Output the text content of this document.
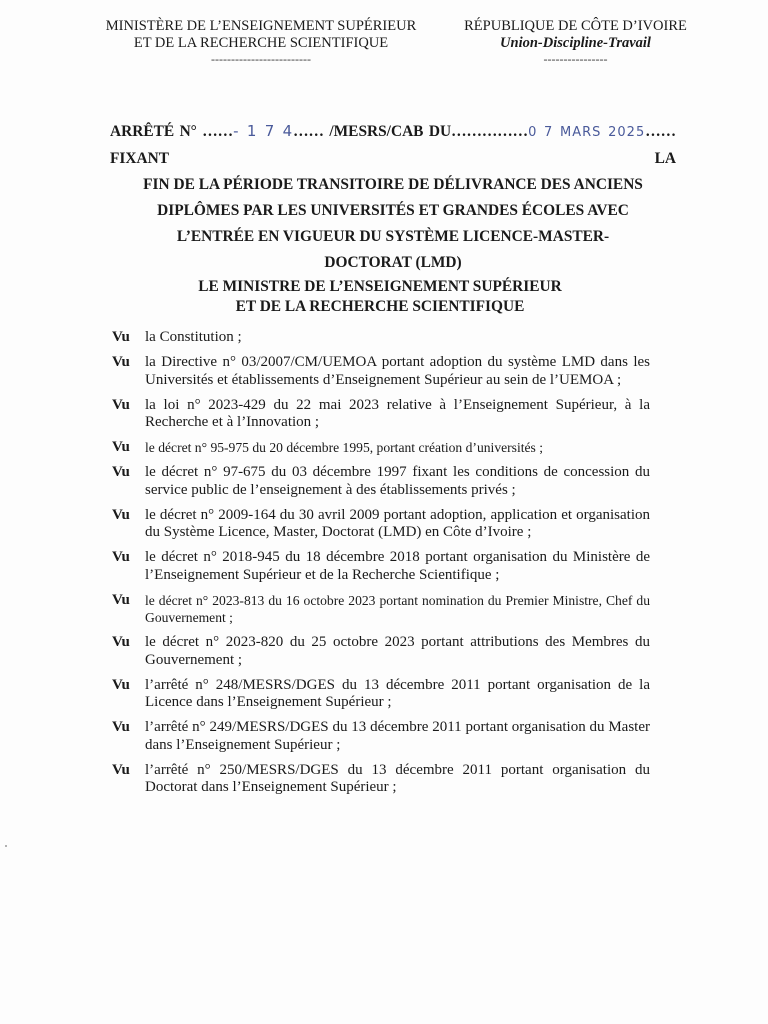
MINISTÈRE DE L’ENSEIGNEMENT SUPÉRIEUR
ET DE LA RECHERCHE SCIENTIFIQUE
-------------------------
RÉPUBLIQUE DE CÔTE D’IVOIRE
Union-Discipline-Travail
----------------
ARRÊTÉ N° ……- 1 7 4…… /MESRS/CAB DU……………0 7 MARS 2025…… FIXANT LA
FIN DE LA PÉRIODE TRANSITOIRE DE DÉLIVRANCE DES ANCIENS
DIPLÔMES PAR LES UNIVERSITÉS ET GRANDES ÉCOLES AVEC
L’ENTRÉE EN VIGUEUR DU SYSTÈME LICENCE-MASTER-
DOCTORAT (LMD)
LE MINISTRE DE L’ENSEIGNEMENT SUPÉRIEUR
ET DE LA RECHERCHE SCIENTIFIQUE
Vu	la Constitution ;
Vu	la Directive n° 03/2007/CM/UEMOA portant adoption du système LMD dans les Universités et établissements d’Enseignement Supérieur au sein de l’UEMOA ;
Vu	la loi n° 2023-429 du 22 mai 2023 relative à l’Enseignement Supérieur, à la Recherche et à l’Innovation ;
Vu	le décret n° 95-975 du 20 décembre 1995, portant création d’universités ;
Vu	le décret n° 97-675 du 03 décembre 1997 fixant les conditions de concession du service public de l’enseignement à des établissements privés ;
Vu	le décret n° 2009-164 du 30 avril 2009 portant adoption, application et organisation du Système Licence, Master, Doctorat (LMD) en Côte d’Ivoire ;
Vu	le décret n° 2018-945 du 18 décembre 2018 portant organisation du Ministère de l’Enseignement Supérieur et de la Recherche Scientifique ;
Vu	le décret n° 2023-813 du 16 octobre 2023 portant nomination du Premier Ministre, Chef du Gouvernement ;
Vu	le décret n° 2023-820 du 25 octobre 2023 portant attributions des Membres du Gouvernement ;
Vu	l’arrêté n° 248/MESRS/DGES du 13 décembre 2011 portant organisation de la Licence dans l’Enseignement Supérieur ;
Vu	l’arrêté n° 249/MESRS/DGES du 13 décembre 2011 portant organisation du Master dans l’Enseignement Supérieur ;
Vu	l’arrêté n° 250/MESRS/DGES du 13 décembre 2011 portant organisation du Doctorat dans l’Enseignement Supérieur ;
